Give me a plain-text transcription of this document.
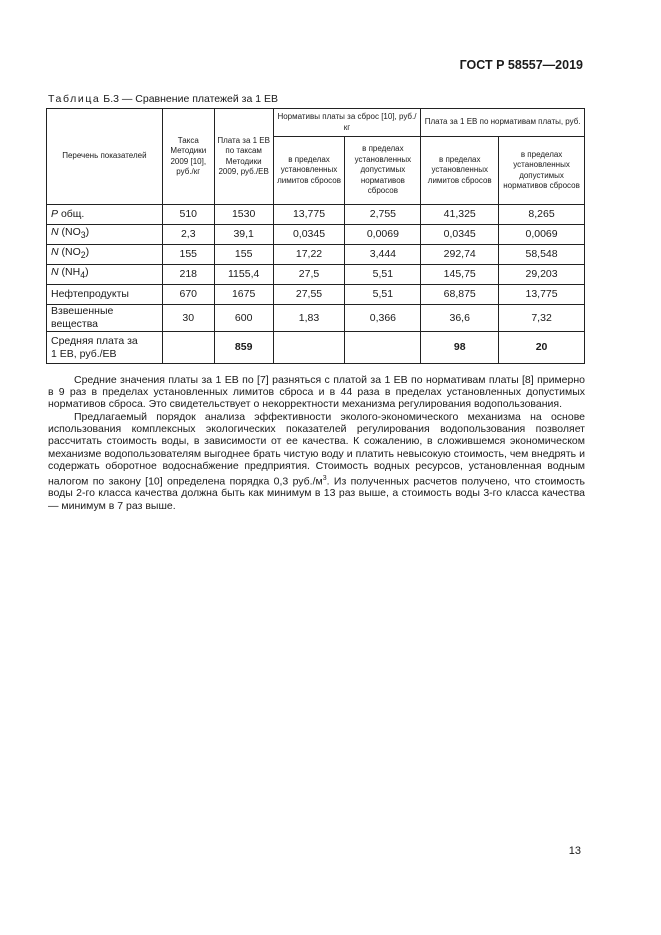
ГОСТ Р 58557—2019
Таблица Б.3 — Сравнение платежей за 1 ЕВ
Перечень показателей	Такса Методики 2009 [10], руб./кг	Плата за 1 ЕВ по таксам Методики 2009, руб./ЕВ	Нормативы платы за сброс [10], руб./кг		Плата за 1 ЕВ по нормативам платы, руб.	
			в пределах установленных лимитов сбросов	в пределах установленных допустимых нормативов сбросов	в пределах установленных лимитов сбросов	в пределах установленных допустимых нормативов сбросов
P общ.	510	1530	13,775	2,755	41,325	8,265
N $(NO_3)$	2,3	39,1	0,0345	0,0069	0,0345	0,0069
N $(NO_2)$	155	155	17,22	3,444	292,74	58,548
N $(NH_4)$	218	1155,4	27,5	5,51	145,75	29,203
Нефтепродукты	670	1675	27,55	5,51	68,875	13,775
Взвешенные вещества	30	600	1,83	0,366	36,6	7,32
Средняя плата за
1 ЕВ, руб./ЕВ		859			98	20

Средние значения платы за 1 ЕВ по [7] разняться с платой за 1 ЕВ по нормативам платы [8] примерно в 9 раз в пределах установленных лимитов сброса и в 44 раза в пределах установленных допустимых нормативов сброса. Это свидетельствует о некорректности механизма регулирования водопользования.

Предлагаемый порядок анализа эффективности эколого-экономического механизма на основе использования комплексных экологических показателей регулирования водопользования позволяет рассчитать стоимость воды, в зависимости от ее качества. К сожалению, в сложившемся экономическом механизме водопользователям выгоднее брать чистую воду и платить невысокую стоимость, чем внедрять и содержать оборотное водоснабжение предприятия. Стоимость водных ресурсов, установленная водным налогом по закону [10] определена порядка 0,3 $руб./м^3$. Из полученных расчетов получено, что стоимость воды 2-го класса качества должна быть как минимум в 13 раз выше, а стоимость воды 3-го класса качества — минимум в 7 раз выше.

13
